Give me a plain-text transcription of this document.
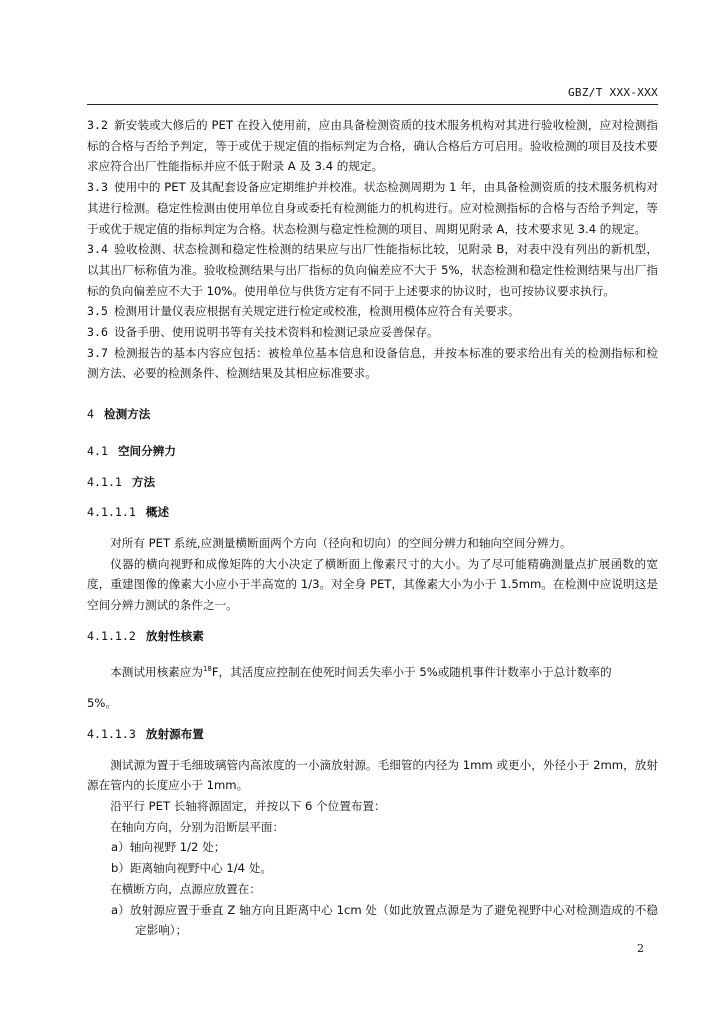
GBZ/T XXX-XXX

3.2 新安装或大修后的 PET 在投入使用前，应由具备检测资质的技术服务机构对其进行验收检测，应对检测指标的合格与否给予判定，等于或优于规定值的指标判定为合格，确认合格后方可启用。验收检测的项目及技术要求应符合出厂性能指标并应不低于附录 A 及 3.4 的规定。

3.3 使用中的 PET 及其配套设备应定期维护并校准。状态检测周期为 1 年，由具备检测资质的技术服务机构对其进行检测。稳定性检测由使用单位自身或委托有检测能力的机构进行。应对检测指标的合格与否给予判定，等于或优于规定值的指标判定为合格。状态检测与稳定性检测的项目、周期见附录 A，技术要求见 3.4 的规定。

3.4 验收检测、状态检测和稳定性检测的结果应与出厂性能指标比较，见附录 B，对表中没有列出的新机型，以其出厂标称值为准。验收检测结果与出厂指标的负向偏差应不大于 5%，状态检测和稳定性检测结果与出厂指标的负向偏差应不大于 10%。使用单位与供货方定有不同于上述要求的协议时，也可按协议要求执行。

3.5 检测用计量仪表应根据有关规定进行检定或校准，检测用模体应符合有关要求。

3.6 设备手册、使用说明书等有关技术资料和检测记录应妥善保存。

3.7 检测报告的基本内容应包括：被检单位基本信息和设备信息，并按本标准的要求给出有关的检测指标和检测方法、必要的检测条件、检测结果及其相应标准要求。

4 检测方法

4.1 空间分辨力

4.1.1 方法

4.1.1.1 概述

对所有 PET 系统,应测量横断面两个方向（径向和切向）的空间分辨力和轴向空间分辨力。

仪器的横向视野和成像矩阵的大小决定了横断面上像素尺寸的大小。为了尽可能精确测量点扩展函数的宽度，重建图像的像素大小应小于半高宽的 1/3。对全身 PET，其像素大小为小于 1.5mm。在检测中应说明这是空间分辨力测试的条件之一。

4.1.1.2 放射性核素

本测试用核素应为$^{18}$F，其活度应控制在使死时间丢失率小于 5%或随机事件计数率小于总计数率的

5%。

4.1.1.3 放射源布置

测试源为置于毛细玻璃管内高浓度的一小滴放射源。毛细管的内径为 1mm 或更小，外径小于 2mm，放射源在管内的长度应小于 1mm。

沿平行 PET 长轴将源固定，并按以下 6 个位置布置：

在轴向方向，分别为沿断层平面：

a）轴向视野 1/2 处；

b）距离轴向视野中心 1/4 处。

在横断方向，点源应放置在：

a）放射源应置于垂直 Z 轴方向且距离中心 1cm 处（如此放置点源是为了避免视野中心对检测造成的不稳定影响）；

2
